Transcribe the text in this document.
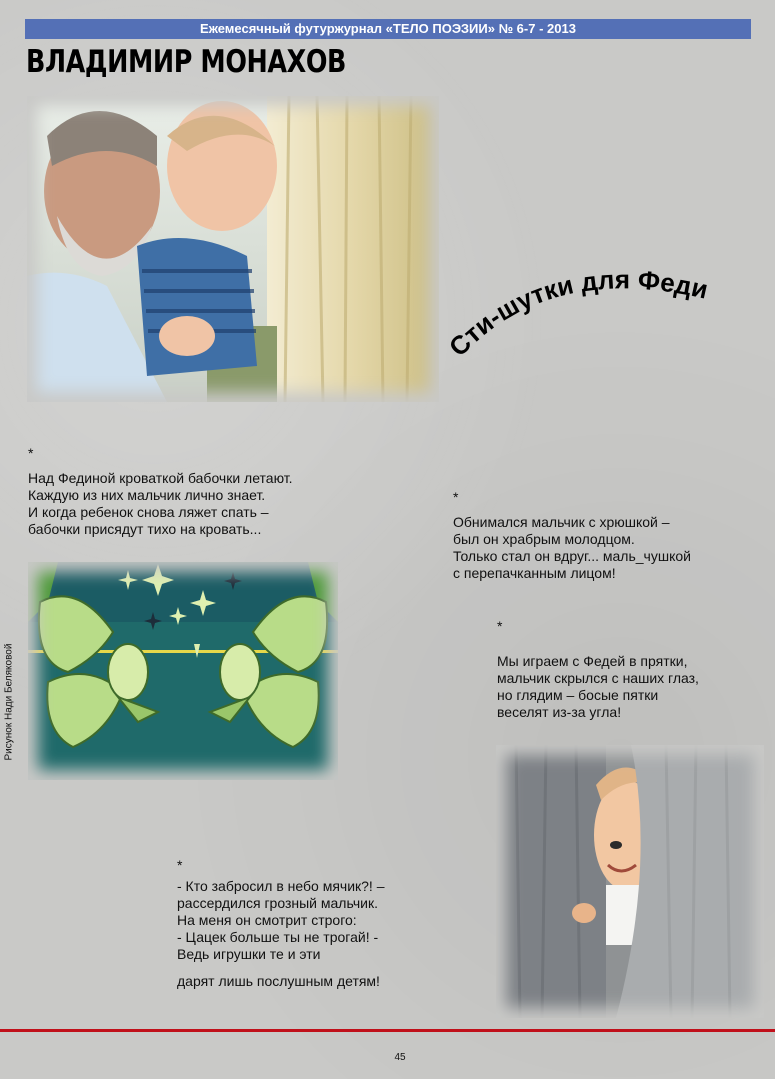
Ежемесячный футуржурнал «ТЕЛО ПОЭЗИИ» № 6-7 - 2013
ВЛАДИМИР МОНАХОВ
Сти-шутки для Феди
*
Над Фединой кроваткой бабочки летают.
Каждую из них мальчик лично знает.
И когда ребенок снова ляжет спать –
бабочки присядут тихо на кровать...
*
Обнимался мальчик с хрюшкой –
был он храбрым молодцом.
Только стал он вдруг... маль_чушкой
с перепачканным лицом!
*
Мы играем с Федей в прятки,
мальчик скрылся с наших глаз,
но глядим – босые пятки
веселят из-за угла!
*
- Кто забросил в небо мячик?! –
рассердился грозный мальчик.
На меня он смотрит строго:
- Цацек больше ты не трогай! -
Ведь игрушки те и эти
дарят лишь послушным детям!
Рисунок Нади Беляковой
45
